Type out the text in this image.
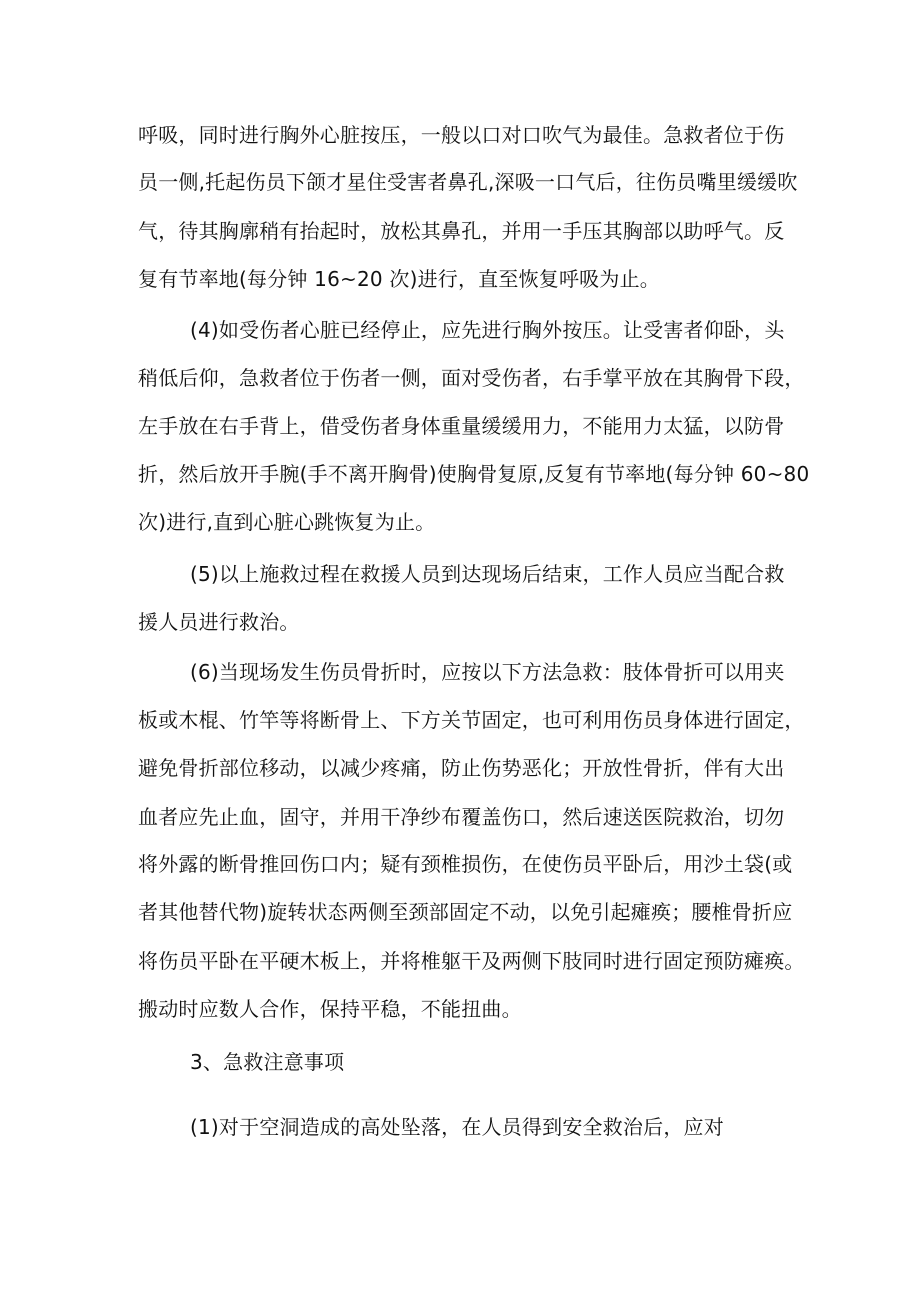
呼吸，同时进行胸外心脏按压，一般以口对口吹气为最佳。急救者位于伤
员一侧,托起伤员下颌才星住受害者鼻孔,深吸一口气后，往伤员嘴里缓缓吹
气，待其胸廓稍有抬起时，放松其鼻孔，并用一手压其胸部以助呼气。反
复有节率地(每分钟 16~20 次)进行，直至恢复呼吸为止。
(4)如受伤者心脏已经停止，应先进行胸外按压。让受害者仰卧，头
稍低后仰，急救者位于伤者一侧，面对受伤者，右手掌平放在其胸骨下段，
左手放在右手背上，借受伤者身体重量缓缓用力，不能用力太猛，以防骨
折，然后放开手腕(手不离开胸骨)使胸骨复原,反复有节率地(每分钟 60~80
次)进行,直到心脏心跳恢复为止。
(5)以上施救过程在救援人员到达现场后结束，工作人员应当配合救
援人员进行救治。
(6)当现场发生伤员骨折时，应按以下方法急救：肢体骨折可以用夹
板或木棍、竹竿等将断骨上、下方关节固定，也可利用伤员身体进行固定，
避免骨折部位移动，以减少疼痛，防止伤势恶化；开放性骨折，伴有大出
血者应先止血，固守，并用干净纱布覆盖伤口，然后速送医院救治，切勿
将外露的断骨推回伤口内；疑有颈椎损伤，在使伤员平卧后，用沙土袋(或
者其他替代物)旋转状态两侧至颈部固定不动，以免引起瘫痪；腰椎骨折应
将伤员平卧在平硬木板上，并将椎躯干及两侧下肢同时进行固定预防瘫痪。
搬动时应数人合作，保持平稳，不能扭曲。
3、急救注意事项
(1)对于空洞造成的高处坠落，在人员得到安全救治后，应对
